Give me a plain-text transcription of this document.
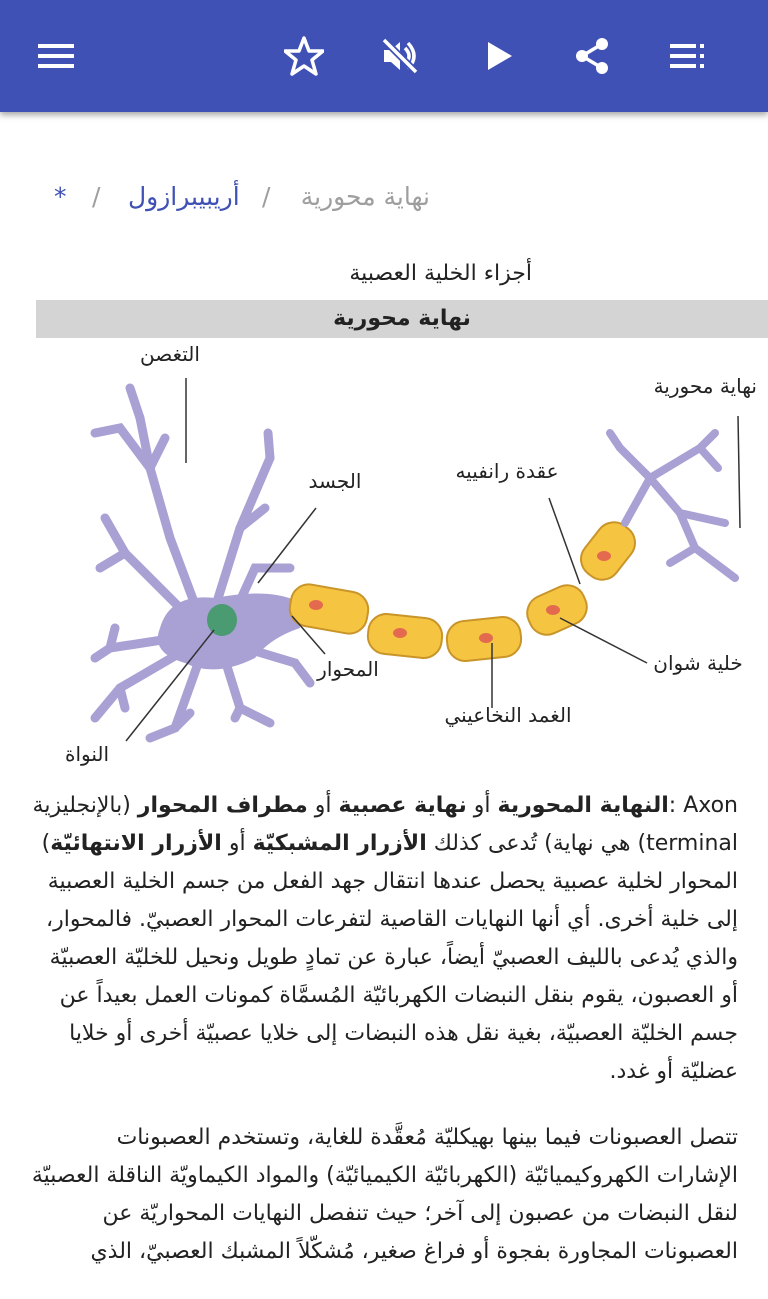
نهاية محورية
/
أريبيبرازول
/
*
أجزاء الخلية العصبية
نهاية محورية
التغصن
نهاية محورية
الجسد	عقدة رانفييه
المحوار	خلية شوان
الغمد النخاعيني
النواة

Axon :النهاية المحورية أو نهاية عصبية أو مطراف المحوار (بالإنجليزية terminal) هي نهاية) تُدعى كذلك الأزرار المشبكيّة أو الأزرار الانتهائيّة) المحوار لخلية عصبية يحصل عندها انتقال جهد الفعل من جسم الخلية العصبية إلى خلية أخرى. أي أنها النهايات القاصية لتفرعات المحوار العصبيّ. فالمحوار، والذي يُدعى بالليف العصبيّ أيضاً، عبارة عن تمادٍ طويل ونحيل للخليّة العصبيّة أو العصبون، يقوم بنقل النبضات الكهربائيّة المُسمَّاة كمونات العمل بعيداً عن جسم الخليّة العصبيّة، بغية نقل هذه النبضات إلى خلايا عصبيّة أخرى أو خلايا عضليّة أو غدد.

تتصل العصبونات فيما بينها بهيكليّة مُعقَّدة للغاية، وتستخدم العصبونات الإشارات الكهروكيميائيّة (الكهربائيّة الكيميائيّة) والمواد الكيماويّة الناقلة العصبيّة لنقل النبضات من عصبون إلى آخر؛ حيث تنفصل النهايات المحواريّة عن العصبونات المجاورة بفجوة أو فراغ صغير، مُشكّلاً المشبك العصبيّ، الذي
